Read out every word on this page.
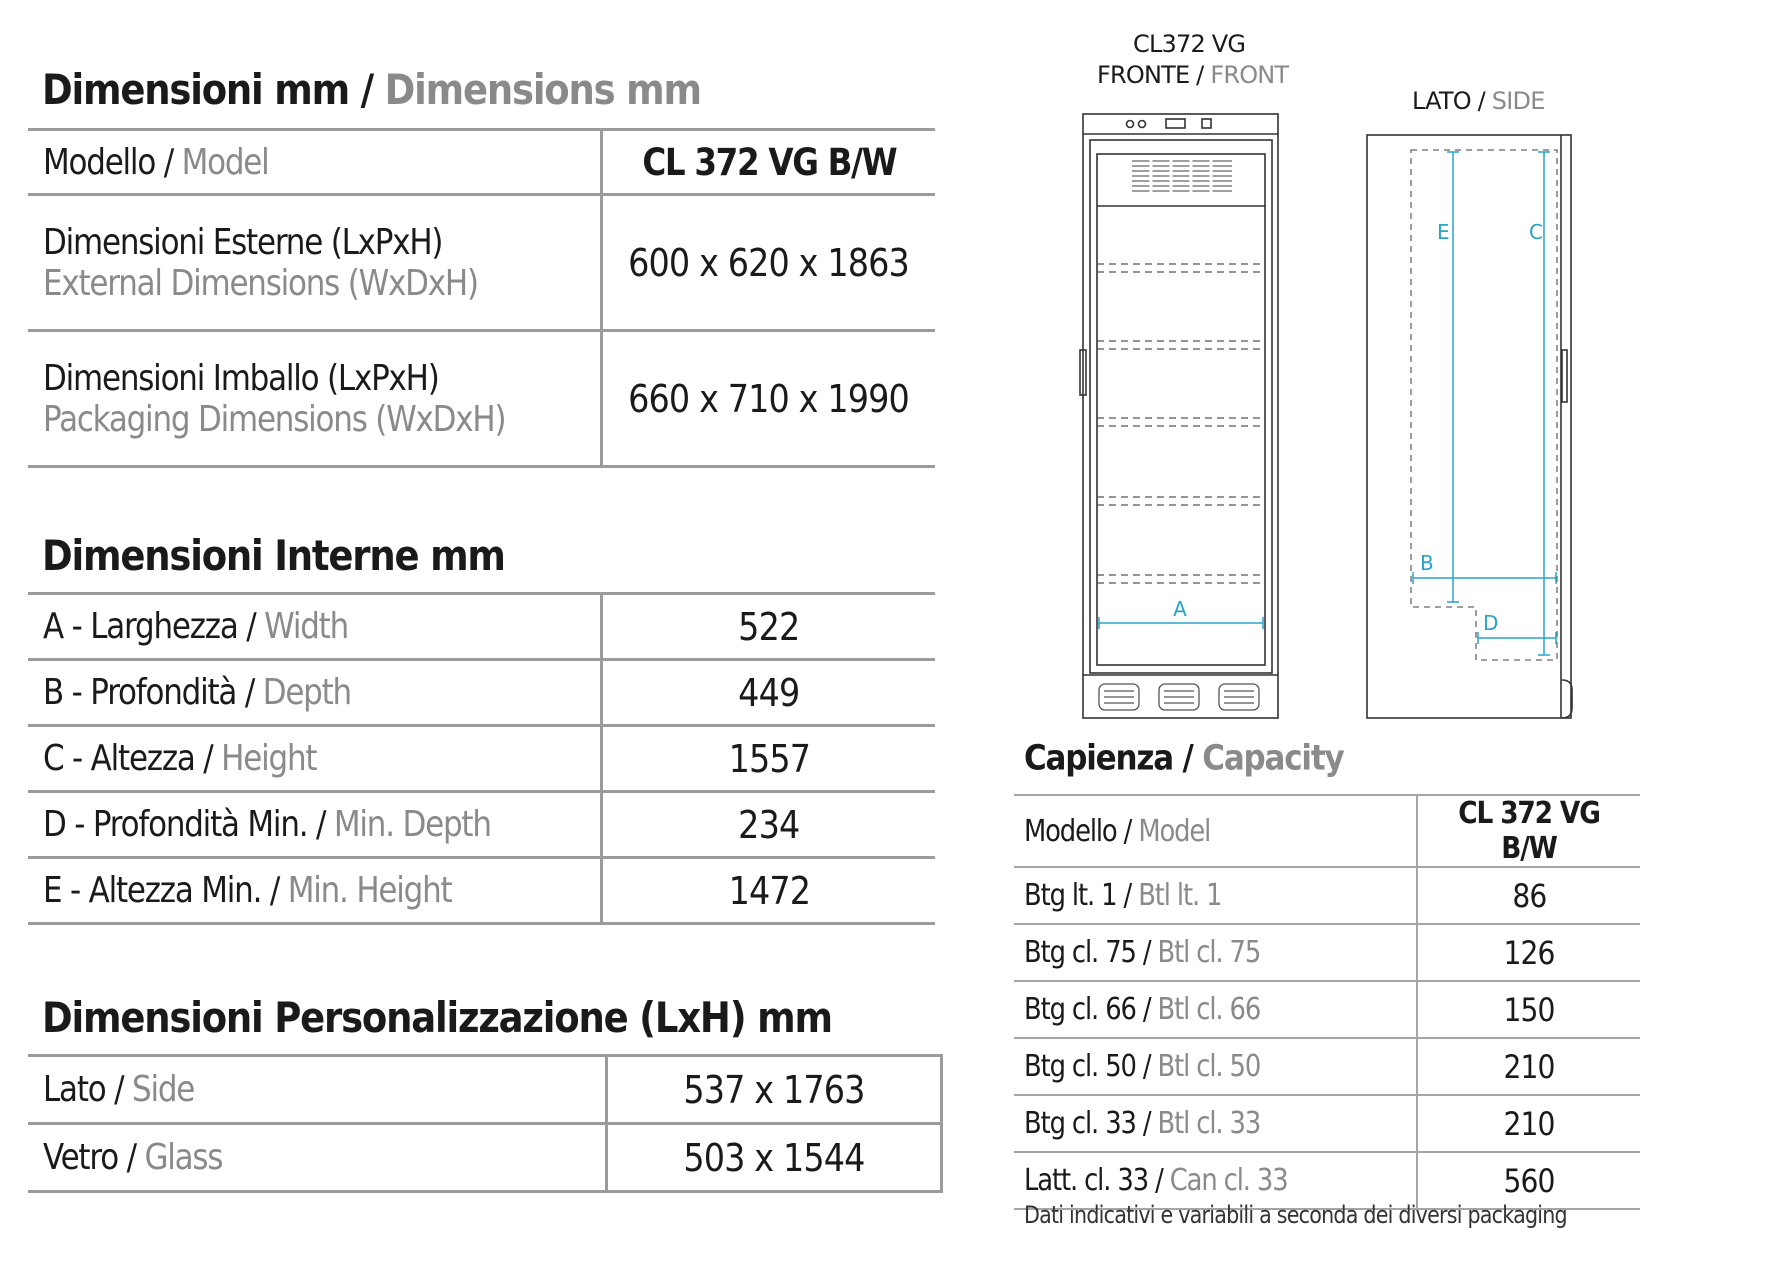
Dimensioni mm / Dimensions mm
Modello / Model	CL 372 VG B/W

Dimensioni Esterne (LxPxH)
External Dimensions (WxDxH)	600 x 620 x 1863

Dimensioni Imballo (LxPxH)
Packaging Dimensions (WxDxH)	660 x 710 x 1990
Dimensioni Interne mm
A - Larghezza / Width	522
B - Profondità / Depth	449
C - Altezza / Height	1557
D - Profondità Min. / Min. Depth	234
E - Altezza Min. / Min. Height	1472
Dimensioni Personalizzazione (LxH) mm
Lato / Side	537 x 1763
Vetro / Glass	503 x 1544
CL372 VG
FRONTE / FRONT
LATO / SIDE
A
C
E
B
D
Capienza / Capacity
Modello / Model	CL 372 VG B/W
Btg lt. 1 / Btl lt. 1	86
Btg cl. 75 / Btl cl. 75	126
Btg cl. 66 / Btl cl. 66	150
Btg cl. 50 / Btl cl. 50	210
Btg cl. 33 / Btl cl. 33	210
Latt. cl. 33 / Can cl. 33	560
Dati indicativi e variabili a seconda dei diversi packaging
